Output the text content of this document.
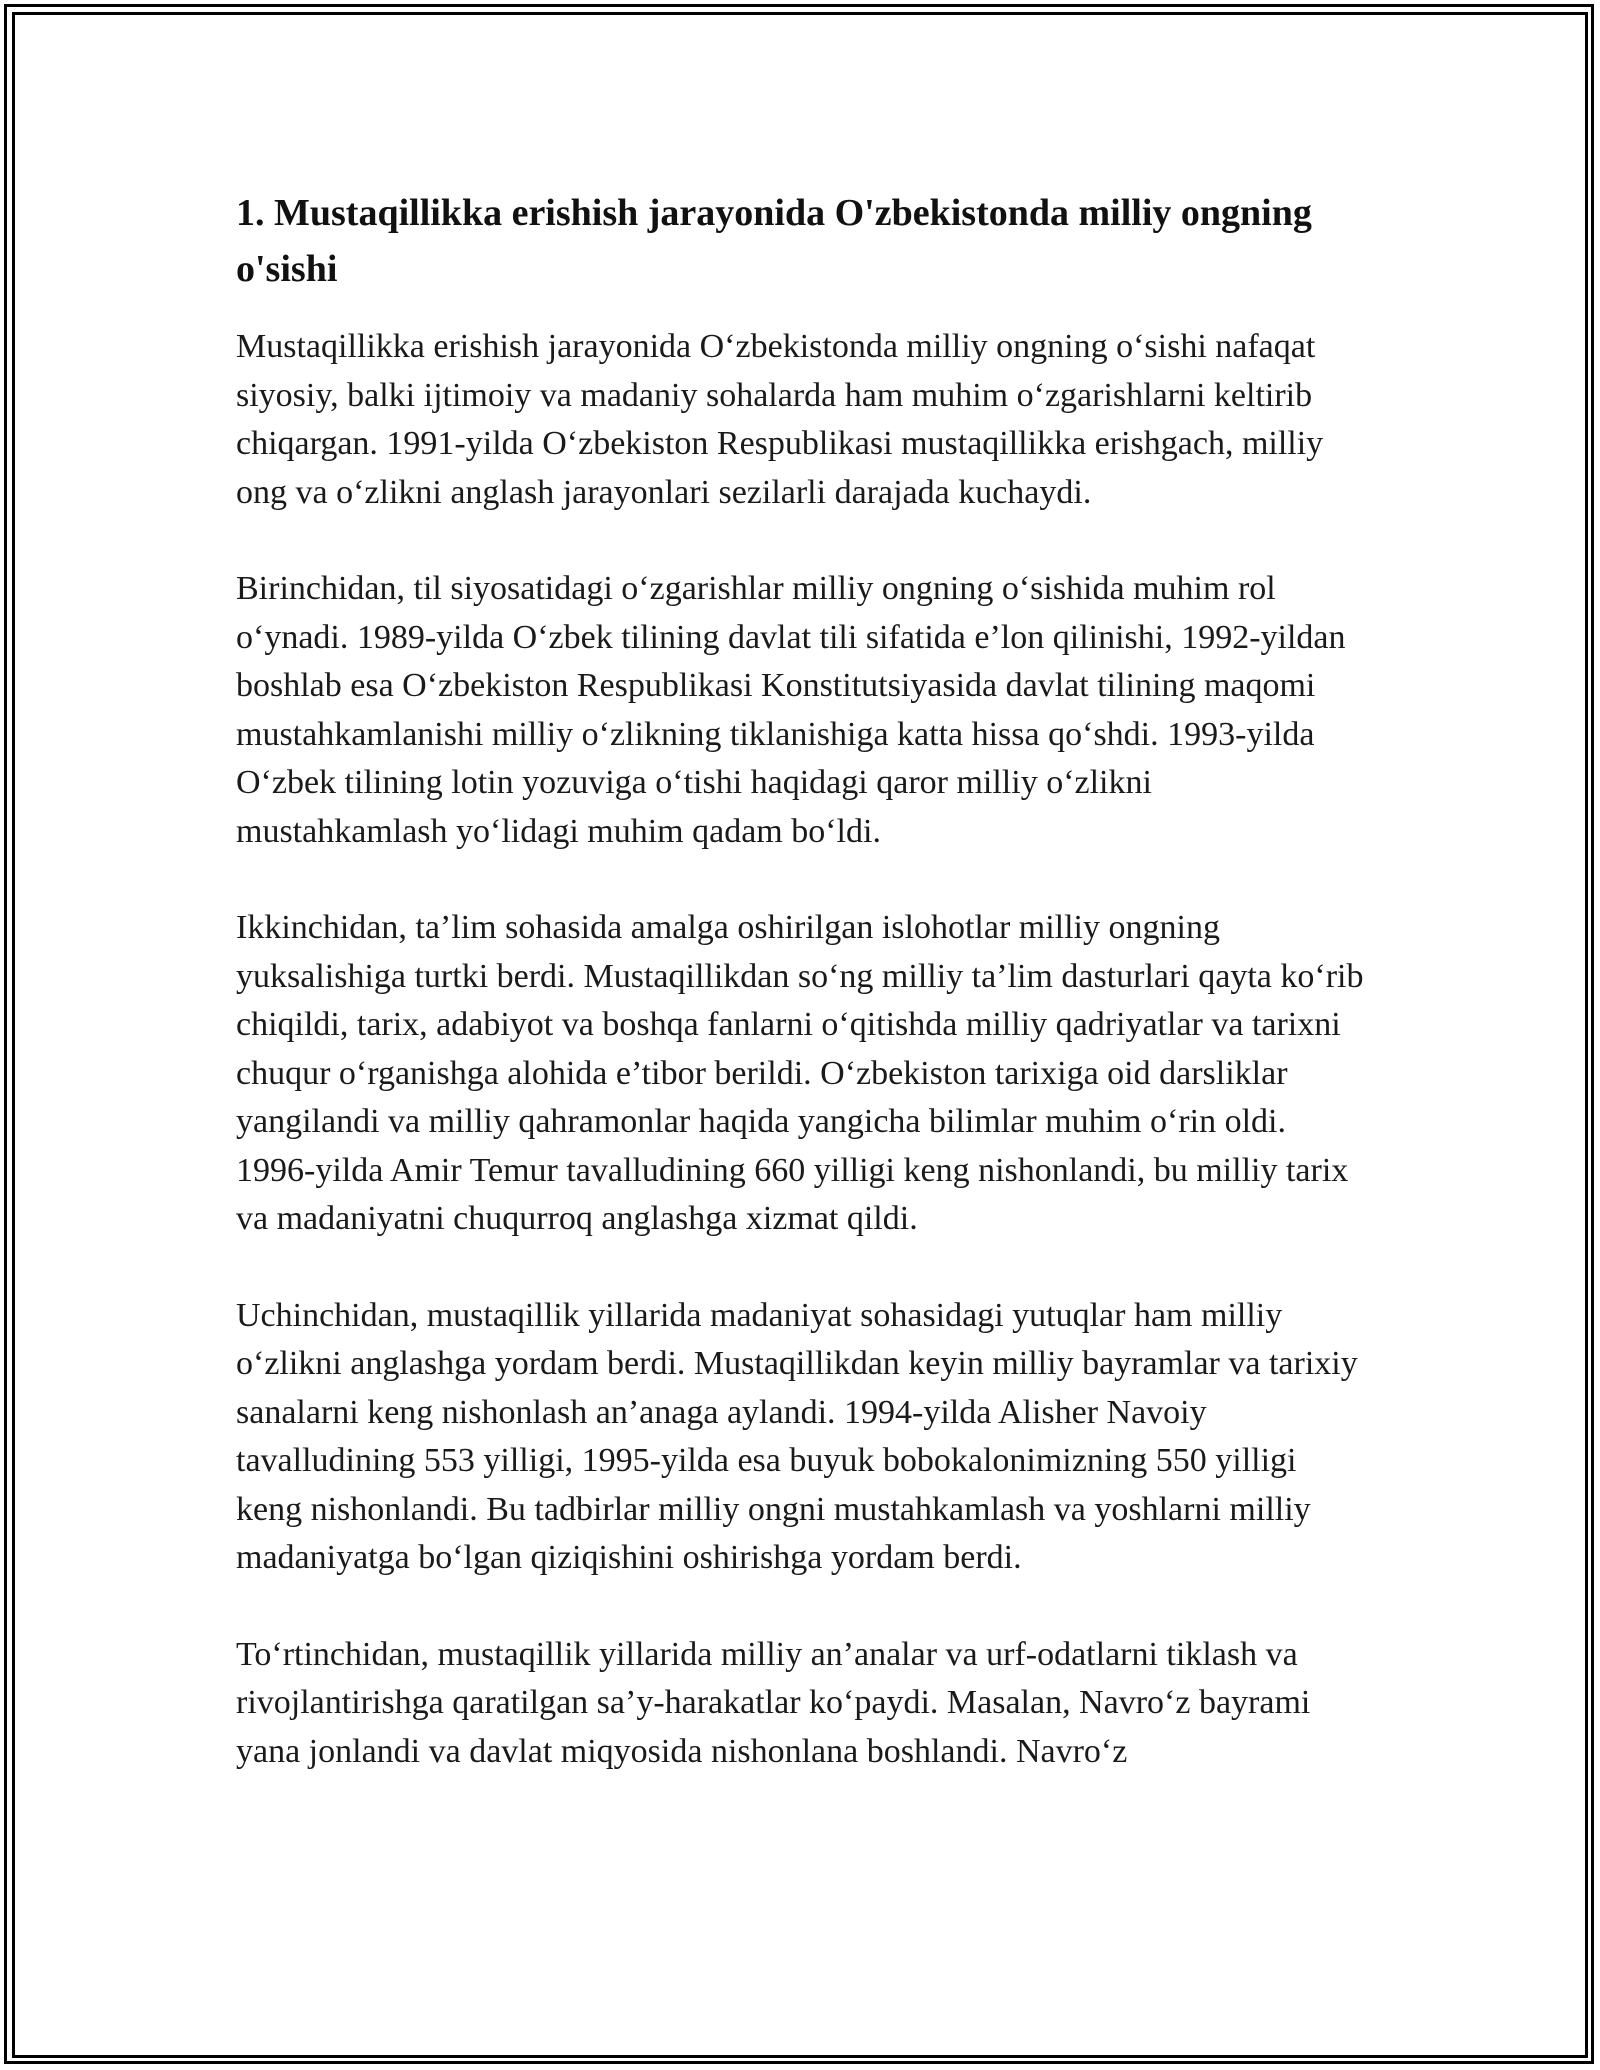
1. Mustaqillikka erishish jarayonida O'zbekistonda milliy ongning o'sishi

Mustaqillikka erishish jarayonida O‘zbekistonda milliy ongning o‘sishi nafaqat siyosiy, balki ijtimoiy va madaniy sohalarda ham muhim o‘zgarishlarni keltirib chiqargan. 1991-yilda O‘zbekiston Respublikasi mustaqillikka erishgach, milliy ong va o‘zlikni anglash jarayonlari sezilarli darajada kuchaydi.

Birinchidan, til siyosatidagi o‘zgarishlar milliy ongning o‘sishida muhim rol o‘ynadi. 1989-yilda O‘zbek tilining davlat tili sifatida e’lon qilinishi, 1992-yildan boshlab esa O‘zbekiston Respublikasi Konstitutsiyasida davlat tilining maqomi mustahkamlanishi milliy o‘zlikning tiklanishiga katta hissa qo‘shdi. 1993-yilda O‘zbek tilining lotin yozuviga o‘tishi haqidagi qaror milliy o‘zlikni mustahkamlash yo‘lidagi muhim qadam bo‘ldi.

Ikkinchidan, ta’lim sohasida amalga oshirilgan islohotlar milliy ongning yuksalishiga turtki berdi. Mustaqillikdan so‘ng milliy ta’lim dasturlari qayta ko‘rib chiqildi, tarix, adabiyot va boshqa fanlarni o‘qitishda milliy qadriyatlar va tarixni chuqur o‘rganishga alohida e’tibor berildi. O‘zbekiston tarixiga oid darsliklar yangilandi va milliy qahramonlar haqida yangicha bilimlar muhim o‘rin oldi. 1996-yilda Amir Temur tavalludining 660 yilligi keng nishonlandi, bu milliy tarix va madaniyatni chuqurroq anglashga xizmat qildi.

Uchinchidan, mustaqillik yillarida madaniyat sohasidagi yutuqlar ham milliy o‘zlikni anglashga yordam berdi. Mustaqillikdan keyin milliy bayramlar va tarixiy sanalarni keng nishonlash an’anaga aylandi. 1994-yilda Alisher Navoiy tavalludining 553 yilligi, 1995-yilda esa buyuk bobokalonimizning 550 yilligi keng nishonlandi. Bu tadbirlar milliy ongni mustahkamlash va yoshlarni milliy madaniyatga bo‘lgan qiziqishini oshirishga yordam berdi.

To‘rtinchidan, mustaqillik yillarida milliy an’analar va urf-odatlarni tiklash va rivojlantirishga qaratilgan sa’y-harakatlar ko‘paydi. Masalan, Navro‘z bayrami yana jonlandi va davlat miqyosida nishonlana boshlandi. Navro‘z
